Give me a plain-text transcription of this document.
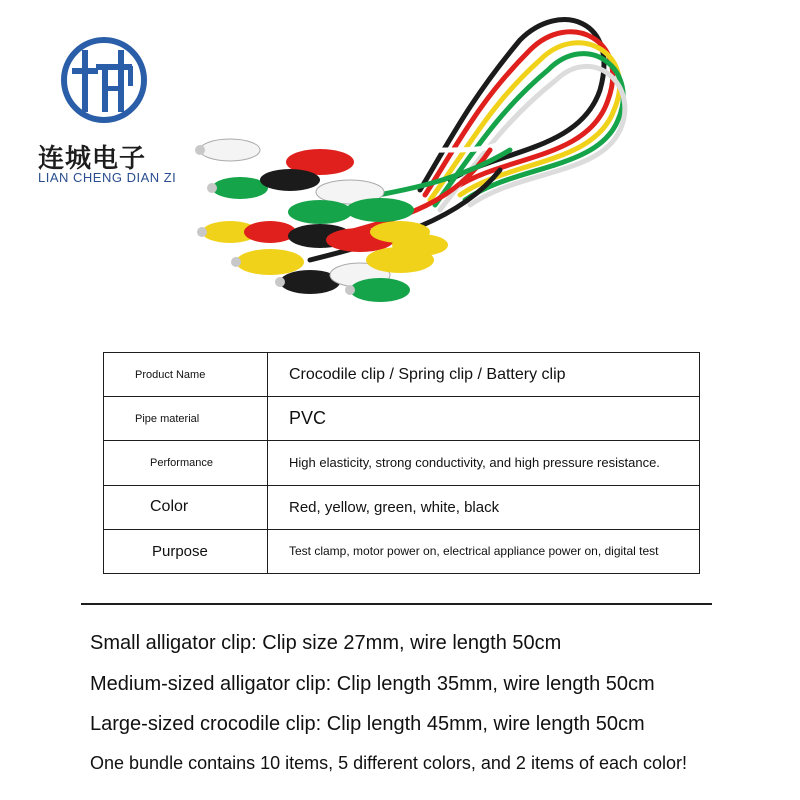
连城电子
LIAN CHENG DIAN ZI
Product Name	Crocodile clip / Spring clip / Battery clip
Pipe material	PVC
Performance	High elasticity, strong conductivity, and high pressure resistance.
Color	Red, yellow, green, white, black
Purpose	Test clamp, motor power on, electrical appliance power on, digital test
Small alligator clip: Clip size 27mm, wire length 50cm
Medium-sized alligator clip: Clip length 35mm, wire length 50cm
Large-sized crocodile clip: Clip length 45mm, wire length 50cm
One bundle contains 10 items, 5 different colors, and 2 items of each color!
